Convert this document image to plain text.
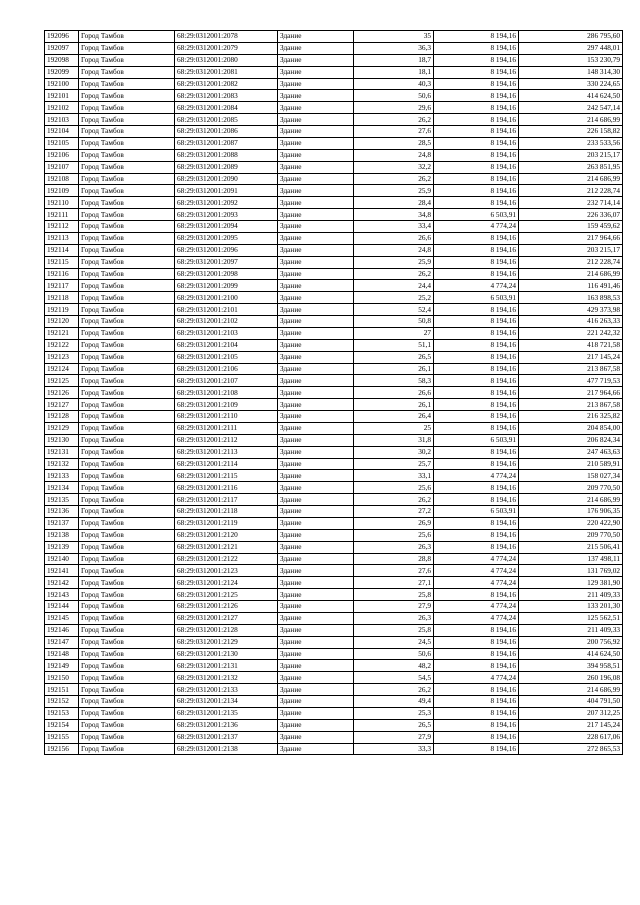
192096	Город Тамбов	68:29:0312001:2078	Здание	35	8 194,16	286 795,60
192097	Город Тамбов	68:29:0312001:2079	Здание	36,3	8 194,16	297 448,01
192098	Город Тамбов	68:29:0312001:2080	Здание	18,7	8 194,16	153 230,79
192099	Город Тамбов	68:29:0312001:2081	Здание	18,1	8 194,16	148 314,30
192100	Город Тамбов	68:29:0312001:2082	Здание	40,3	8 194,16	330 224,65
192101	Город Тамбов	68:29:0312001:2083	Здание	50,6	8 194,16	414 624,50
192102	Город Тамбов	68:29:0312001:2084	Здание	29,6	8 194,16	242 547,14
192103	Город Тамбов	68:29:0312001:2085	Здание	26,2	8 194,16	214 686,99
192104	Город Тамбов	68:29:0312001:2086	Здание	27,6	8 194,16	226 158,82
192105	Город Тамбов	68:29:0312001:2087	Здание	28,5	8 194,16	233 533,56
192106	Город Тамбов	68:29:0312001:2088	Здание	24,8	8 194,16	203 215,17
192107	Город Тамбов	68:29:0312001:2089	Здание	32,2	8 194,16	263 851,95
192108	Город Тамбов	68:29:0312001:2090	Здание	26,2	8 194,16	214 686,99
192109	Город Тамбов	68:29:0312001:2091	Здание	25,9	8 194,16	212 228,74
192110	Город Тамбов	68:29:0312001:2092	Здание	28,4	8 194,16	232 714,14
192111	Город Тамбов	68:29:0312001:2093	Здание	34,8	6 503,91	226 336,07
192112	Город Тамбов	68:29:0312001:2094	Здание	33,4	4 774,24	159 459,62
192113	Город Тамбов	68:29:0312001:2095	Здание	26,6	8 194,16	217 964,66
192114	Город Тамбов	68:29:0312001:2096	Здание	24,8	8 194,16	203 215,17
192115	Город Тамбов	68:29:0312001:2097	Здание	25,9	8 194,16	212 228,74
192116	Город Тамбов	68:29:0312001:2098	Здание	26,2	8 194,16	214 686,99
192117	Город Тамбов	68:29:0312001:2099	Здание	24,4	4 774,24	116 491,46
192118	Город Тамбов	68:29:0312001:2100	Здание	25,2	6 503,91	163 898,53
192119	Город Тамбов	68:29:0312001:2101	Здание	52,4	8 194,16	429 373,98
192120	Город Тамбов	68:29:0312001:2102	Здание	50,8	8 194,16	416 263,33
192121	Город Тамбов	68:29:0312001:2103	Здание	27	8 194,16	221 242,32
192122	Город Тамбов	68:29:0312001:2104	Здание	51,1	8 194,16	418 721,58
192123	Город Тамбов	68:29:0312001:2105	Здание	26,5	8 194,16	217 145,24
192124	Город Тамбов	68:29:0312001:2106	Здание	26,1	8 194,16	213 867,58
192125	Город Тамбов	68:29:0312001:2107	Здание	58,3	8 194,16	477 719,53
192126	Город Тамбов	68:29:0312001:2108	Здание	26,6	8 194,16	217 964,66
192127	Город Тамбов	68:29:0312001:2109	Здание	26,1	8 194,16	213 867,58
192128	Город Тамбов	68:29:0312001:2110	Здание	26,4	8 194,16	216 325,82
192129	Город Тамбов	68:29:0312001:2111	Здание	25	8 194,16	204 854,00
192130	Город Тамбов	68:29:0312001:2112	Здание	31,8	6 503,91	206 824,34
192131	Город Тамбов	68:29:0312001:2113	Здание	30,2	8 194,16	247 463,63
192132	Город Тамбов	68:29:0312001:2114	Здание	25,7	8 194,16	210 589,91
192133	Город Тамбов	68:29:0312001:2115	Здание	33,1	4 774,24	158 027,34
192134	Город Тамбов	68:29:0312001:2116	Здание	25,6	8 194,16	209 770,50
192135	Город Тамбов	68:29:0312001:2117	Здание	26,2	8 194,16	214 686,99
192136	Город Тамбов	68:29:0312001:2118	Здание	27,2	6 503,91	176 906,35
192137	Город Тамбов	68:29:0312001:2119	Здание	26,9	8 194,16	220 422,90
192138	Город Тамбов	68:29:0312001:2120	Здание	25,6	8 194,16	209 770,50
192139	Город Тамбов	68:29:0312001:2121	Здание	26,3	8 194,16	215 506,41
192140	Город Тамбов	68:29:0312001:2122	Здание	28,8	4 774,24	137 498,11
192141	Город Тамбов	68:29:0312001:2123	Здание	27,6	4 774,24	131 769,02
192142	Город Тамбов	68:29:0312001:2124	Здание	27,1	4 774,24	129 381,90
192143	Город Тамбов	68:29:0312001:2125	Здание	25,8	8 194,16	211 409,33
192144	Город Тамбов	68:29:0312001:2126	Здание	27,9	4 774,24	133 201,30
192145	Город Тамбов	68:29:0312001:2127	Здание	26,3	4 774,24	125 562,51
192146	Город Тамбов	68:29:0312001:2128	Здание	25,8	8 194,16	211 409,33
192147	Город Тамбов	68:29:0312001:2129	Здание	24,5	8 194,16	200 756,92
192148	Город Тамбов	68:29:0312001:2130	Здание	50,6	8 194,16	414 624,50
192149	Город Тамбов	68:29:0312001:2131	Здание	48,2	8 194,16	394 958,51
192150	Город Тамбов	68:29:0312001:2132	Здание	54,5	4 774,24	260 196,08
192151	Город Тамбов	68:29:0312001:2133	Здание	26,2	8 194,16	214 686,99
192152	Город Тамбов	68:29:0312001:2134	Здание	49,4	8 194,16	404 791,50
192153	Город Тамбов	68:29:0312001:2135	Здание	25,3	8 194,16	207 312,25
192154	Город Тамбов	68:29:0312001:2136	Здание	26,5	8 194,16	217 145,24
192155	Город Тамбов	68:29:0312001:2137	Здание	27,9	8 194,16	228 617,06
192156	Город Тамбов	68:29:0312001:2138	Здание	33,3	8 194,16	272 865,53
